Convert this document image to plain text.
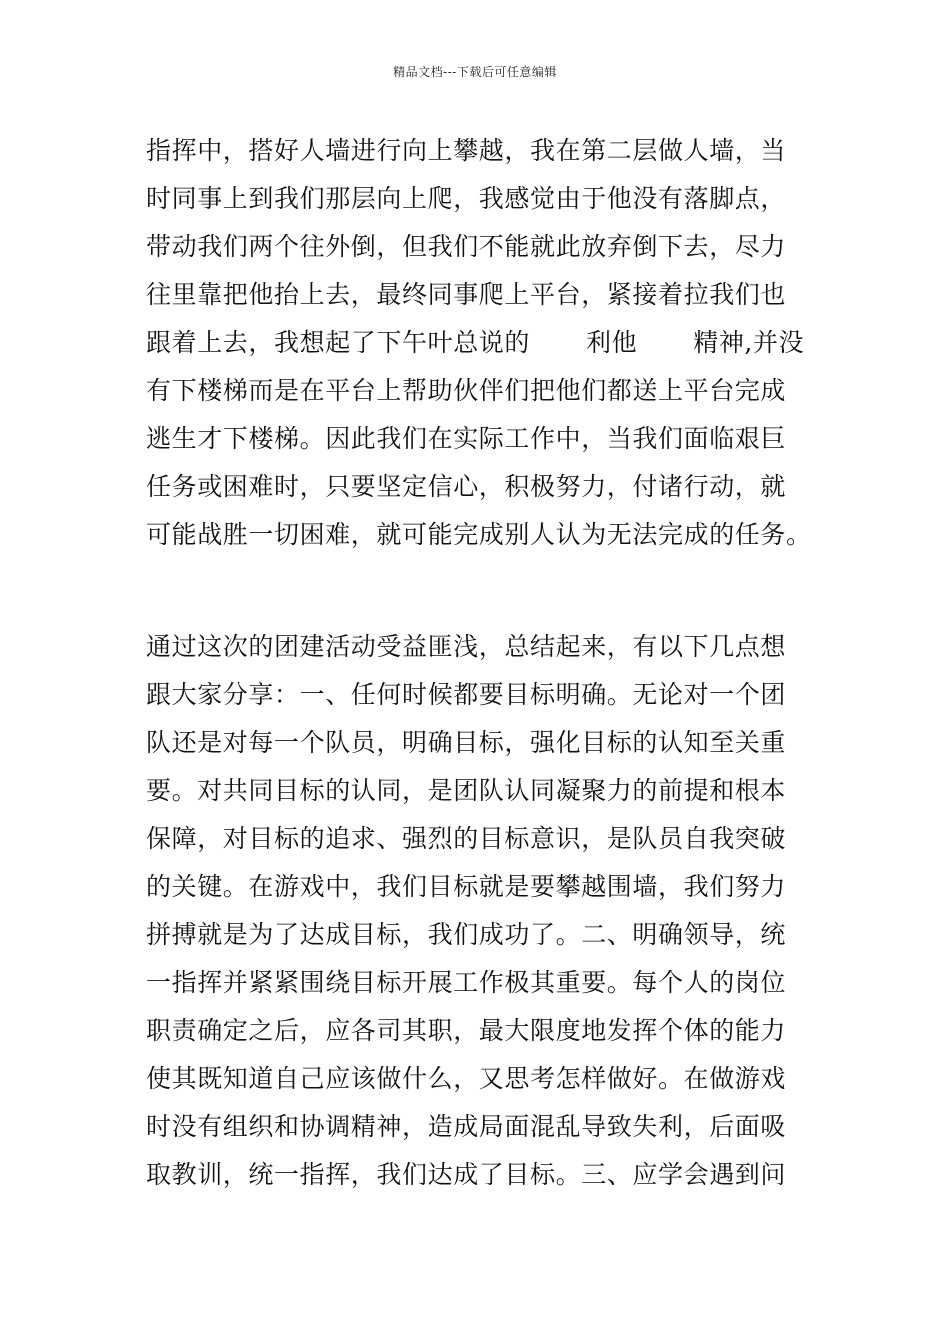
精品文档---下载后可任意编辑
指挥中，搭好人墙进行向上攀越，我在第二层做人墙，当
时同事上到我们那层向上爬，我感觉由于他没有落脚点，
带动我们两个往外倒，但我们不能就此放弃倒下去，尽力
往里靠把他抬上去，最终同事爬上平台，紧接着拉我们也
跟着上去，我想起了下午叶总说的 利他 精神,并没
有下楼梯而是在平台上帮助伙伴们把他们都送上平台完成
逃生才下楼梯。因此我们在实际工作中，当我们面临艰巨
任务或困难时，只要坚定信心，积极努力，付诸行动，就
可能战胜一切困难，就可能完成别人认为无法完成的任务。
通过这次的团建活动受益匪浅，总结起来，有以下几点想
跟大家分享：一、任何时候都要目标明确。无论对一个团
队还是对每一个队员，明确目标，强化目标的认知至关重
要。对共同目标的认同，是团队认同凝聚力的前提和根本
保障，对目标的追求、强烈的目标意识，是队员自我突破
的关键。在游戏中，我们目标就是要攀越围墙，我们努力
拼搏就是为了达成目标，我们成功了。二、明确领导，统
一指挥并紧紧围绕目标开展工作极其重要。每个人的岗位
职责确定之后，应各司其职，最大限度地发挥个体的能力
使其既知道自己应该做什么，又思考怎样做好。在做游戏
时没有组织和协调精神，造成局面混乱导致失利，后面吸
取教训，统一指挥，我们达成了目标。三、应学会遇到问
